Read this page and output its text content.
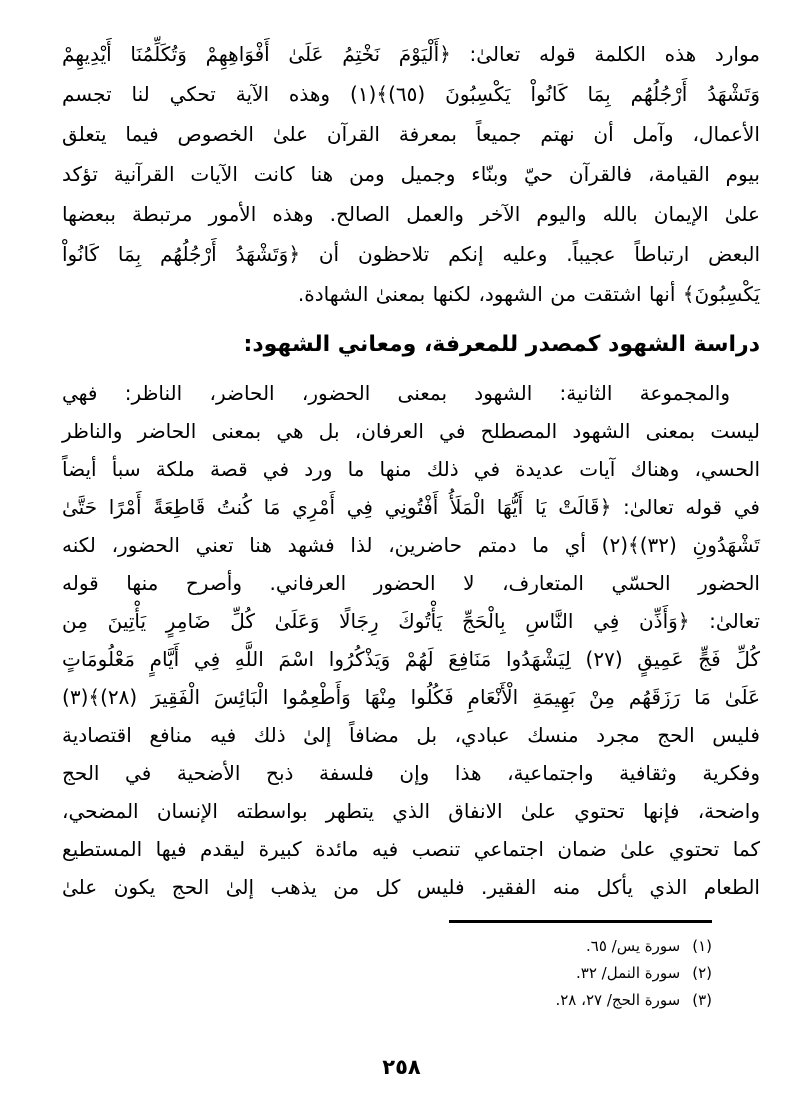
موارد هذه الكلمة قوله تعالىٰ: ﴿أَلْيَوْمَ نَخْتِمُ عَلَىٰ أَفْوَاهِهِمْ وَتُكَلِّمُنَا أَيْدِيهِمْ
وَتَشْهَدُ أَرْجُلُهُم بِمَا كَانُواْ يَكْسِبُونَ (٦٥)﴾(١) وهذه الآية تحكي لنا تجسم
الأعمال، وآمل أن نهتم جميعاً بمعرفة القرآن علىٰ الخصوص فيما يتعلق
بيوم القيامة، فالقرآن حيّ وبنّاء وجميل ومن هنا كانت الآيات القرآنية تؤكد
علىٰ الإيمان بالله واليوم الآخر والعمل الصالح. وهذه الأمور مرتبطة ببعضها
البعض ارتباطاً عجيباً. وعليه إنكم تلاحظون أن ﴿وَتَشْهَدُ أَرْجُلُهُم بِمَا كَانُواْ
يَكْسِبُونَ﴾ أنها اشتقت من الشهود، لكنها بمعنىٰ الشهادة.
دراسة الشهود كمصدر للمعرفة، ومعاني الشهود:
والمجموعة الثانية: الشهود بمعنى الحضور، الحاضر، الناظر: فهي
ليست بمعنى الشهود المصطلح في العرفان، بل هي بمعنى الحاضر والناظر
الحسي، وهناك آيات عديدة في ذلك منها ما ورد في قصة ملكة سبأ أيضاً
في قوله تعالىٰ: ﴿قَالَتْ يَا أَيُّهَا الْمَلَأُ أَفْتُونِي فِي أَمْرِي مَا كُنتُ قَاطِعَةً أَمْرًا حَتَّىٰ
تَشْهَدُونِ (٣٢)﴾(٢) أي ما دمتم حاضرين، لذا فشهد هنا تعني الحضور، لكنه
الحضور الحسّي المتعارف، لا الحضور العرفاني. وأصرح منها قوله
تعالىٰ: ﴿وَأَذِّن فِي النَّاسِ بِالْحَجِّ يَأْتُوكَ رِجَالًا وَعَلَىٰ كُلِّ ضَامِرٍ يَأْتِينَ مِن
كُلِّ فَجٍّ عَمِيقٍ (٢٧) لِيَشْهَدُوا مَنَافِعَ لَهُمْ وَيَذْكُرُوا اسْمَ اللَّهِ فِي أَيَّامٍ مَعْلُومَاتٍ
عَلَىٰ مَا رَزَقَهُم مِنْ بَهِيمَةِ الْأَنْعَامِ فَكُلُوا مِنْهَا وَأَطْعِمُوا الْبَائِسَ الْفَقِيرَ (٢٨)﴾(٣)
فليس الحج مجرد منسك عبادي، بل مضافاً إلىٰ ذلك فيه منافع اقتصادية
وفكرية وثقافية واجتماعية، هذا وإن فلسفة ذبح الأضحية في الحج
واضحة، فإنها تحتوي علىٰ الانفاق الذي يتطهر بواسطته الإنسان المضحي،
كما تحتوي علىٰ ضمان اجتماعي تنصب فيه مائدة كبيرة ليقدم فيها المستطيع
الطعام الذي يأكل منه الفقير. فليس كل من يذهب إلىٰ الحج يكون علىٰ
(١)
سورة يس/ ٦٥.
(٢)
سورة النمل/ ٣٢.
(٣)
سورة الحج/ ٢٧، ٢٨.
٢٥٨
